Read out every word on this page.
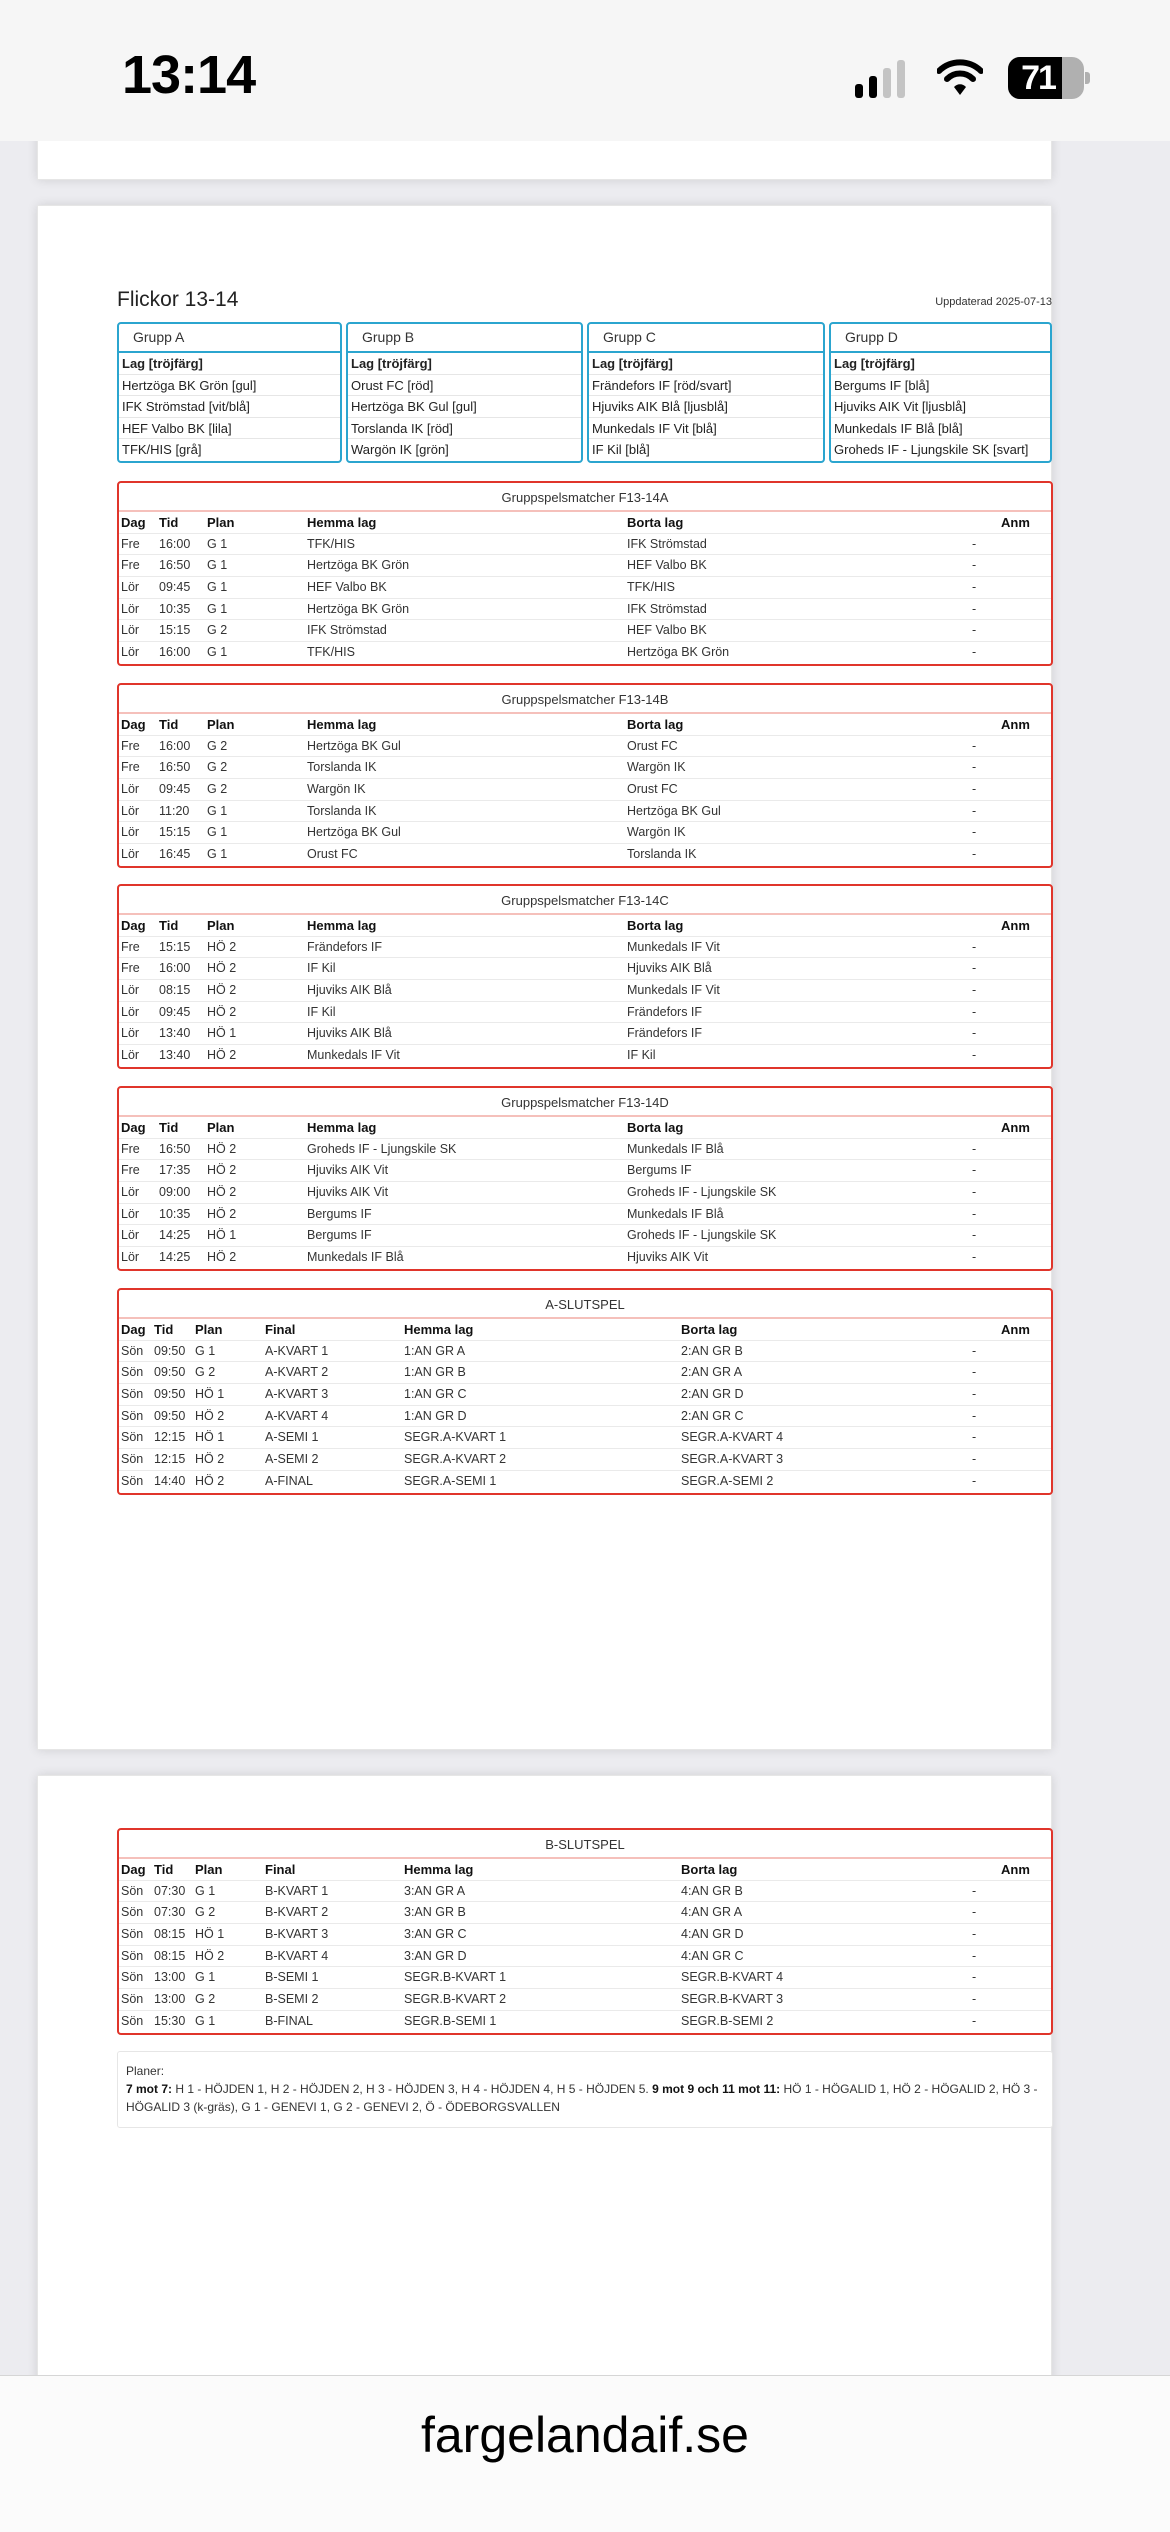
13:14	71
Flickor 13-14	Uppdaterad 2025-07-13
Grupp A
Lag [tröjfärg]
Hertzöga BK Grön [gul]
IFK Strömstad [vit/blå]
HEF Valbo BK [lila]
TFK/HIS [grå]
Grupp B
Lag [tröjfärg]
Orust FC [röd]
Hertzöga BK Gul [gul]
Torslanda IK [röd]
Wargön IK [grön]
Grupp C
Lag [tröjfärg]
Frändefors IF [röd/svart]
Hjuviks AIK Blå [ljusblå]
Munkedals IF Vit [blå]
IF Kil [blå]
Grupp D
Lag [tröjfärg]
Bergums IF [blå]
Hjuviks AIK Vit [ljusblå]
Munkedals IF Blå [blå]
Groheds IF - Ljungskile SK [svart]
Gruppspelsmatcher F13-14A
Dag Tid Plan	Hemma lag	Borta lag	Anm
Fre 16:00 G 1	TFK/HIS	IFK Strömstad	-
Fre 16:50 G 1	Hertzöga BK Grön	HEF Valbo BK	-
Lör 09:45 G 1	HEF Valbo BK	TFK/HIS	-
Lör 10:35 G 1	Hertzöga BK Grön	IFK Strömstad	-
Lör 15:15 G 2	IFK Strömstad	HEF Valbo BK	-
Lör 16:00 G 1	TFK/HIS	Hertzöga BK Grön	-
Gruppspelsmatcher F13-14B
Dag Tid Plan	Hemma lag	Borta lag	Anm
Fre 16:00 G 2	Hertzöga BK Gul	Orust FC	-
Fre 16:50 G 2	Torslanda IK	Wargön IK	-
Lör 09:45 G 2	Wargön IK	Orust FC	-
Lör 11:20 G 1	Torslanda IK	Hertzöga BK Gul	-
Lör 15:15 G 1	Hertzöga BK Gul	Wargön IK	-
Lör 16:45 G 1	Orust FC	Torslanda IK	-
Gruppspelsmatcher F13-14C
Dag Tid Plan	Hemma lag	Borta lag	Anm
Fre 15:15 HÖ 2	Frändefors IF	Munkedals IF Vit	-
Fre 16:00 HÖ 2	IF Kil	Hjuviks AIK Blå	-
Lör 08:15 HÖ 2	Hjuviks AIK Blå	Munkedals IF Vit	-
Lör 09:45 HÖ 2	IF Kil	Frändefors IF	-
Lör 13:40 HÖ 1	Hjuviks AIK Blå	Frändefors IF	-
Lör 13:40 HÖ 2	Munkedals IF Vit	IF Kil	-
Gruppspelsmatcher F13-14D
Dag Tid Plan	Hemma lag	Borta lag	Anm
Fre 16:50 HÖ 2	Groheds IF - Ljungskile SK	Munkedals IF Blå	-
Fre 17:35 HÖ 2	Hjuviks AIK Vit	Bergums IF	-
Lör 09:00 HÖ 2	Hjuviks AIK Vit	Groheds IF - Ljungskile SK	-
Lör 10:35 HÖ 2	Bergums IF	Munkedals IF Blå	-
Lör 14:25 HÖ 1	Bergums IF	Groheds IF - Ljungskile SK	-
Lör 14:25 HÖ 2	Munkedals IF Blå	Hjuviks AIK Vit	-
A-SLUTSPEL
Dag Tid Plan	Final	Hemma lag	Borta lag	Anm
Sön 09:50 G 1	A-KVART 1	1:AN GR A	2:AN GR B	-
Sön 09:50 G 2	A-KVART 2	1:AN GR B	2:AN GR A	-
Sön 09:50 HÖ 1	A-KVART 3	1:AN GR C	2:AN GR D	-
Sön 09:50 HÖ 2	A-KVART 4	1:AN GR D	2:AN GR C	-
Sön 12:15 HÖ 1	A-SEMI 1	SEGR.A-KVART 1	SEGR.A-KVART 4	-
Sön 12:15 HÖ 2	A-SEMI 2	SEGR.A-KVART 2	SEGR.A-KVART 3	-
Sön 14:40 HÖ 2	A-FINAL	SEGR.A-SEMI 1	SEGR.A-SEMI 2	-
B-SLUTSPEL
Dag Tid Plan	Final	Hemma lag	Borta lag	Anm
Sön 07:30 G 1	B-KVART 1	3:AN GR A	4:AN GR B	-
Sön 07:30 G 2	B-KVART 2	3:AN GR B	4:AN GR A	-
Sön 08:15 HÖ 1	B-KVART 3	3:AN GR C	4:AN GR D	-
Sön 08:15 HÖ 2	B-KVART 4	3:AN GR D	4:AN GR C	-
Sön 13:00 G 1	B-SEMI 1	SEGR.B-KVART 1	SEGR.B-KVART 4	-
Sön 13:00 G 2	B-SEMI 2	SEGR.B-KVART 2	SEGR.B-KVART 3	-
Sön 15:30 G 1	B-FINAL	SEGR.B-SEMI 1	SEGR.B-SEMI 2	-
Planer:
7 mot 7: H 1 - HÖJDEN 1, H 2 - HÖJDEN 2, H 3 - HÖJDEN 3, H 4 - HÖJDEN 4, H 5 - HÖJDEN 5. 9 mot 9 och 11 mot 11: HÖ 1 - HÖGALID 1, HÖ 2 - HÖGALID 2, HÖ 3 - HÖGALID 3 (k-gräs), G 1 - GENEVI 1, G 2 - GENEVI 2, Ö - ÖDEBORGSVALLEN
fargelandaif.se
